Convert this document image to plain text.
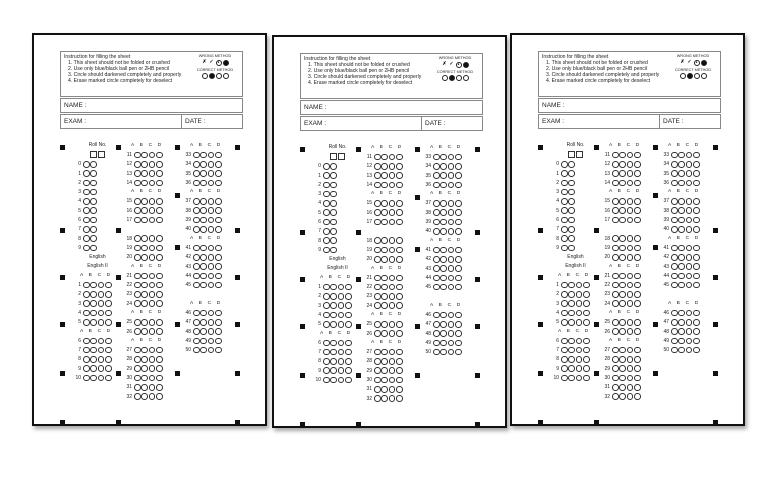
Instruction for filling the sheet
1. This sheet should not be folded or crushed
2. Use only blue/black ball pen or 2HB pencil
3. Circle should darkened completely and properly
4. Erase marked circle completely for deselect
WRONG METHOD
✗ ✓ •
CORRECT METHOD
NAME :
EXAM :	DATE :
Roll No.
0
1
2
3
4
5
6
7
8
9
English
English II
A B C D
1
2
3
4
5
A B C D
6
7
8
9
10
A B C D
11
12
13
14
A B C D
15
16
17
18
19
20
A B C D
21
22
23
24
A B C D
25
26
A B C D
27
28
29
30
31
32
A B C D
33
34
35
36
A B C D
37
38
39
40
A B C D
41
42
43
44
45
A B C D
46
47
48
49
50
Instruction for filling the sheet
1. This sheet should not be folded or crushed
2. Use only blue/black ball pen or 2HB pencil
3. Circle should darkened completely and properly
4. Erase marked circle completely for deselect
WRONG METHOD
✗ ✓ •
CORRECT METHOD
NAME :
EXAM :	DATE :
Roll No.
0
1
2
3
4
5
6
7
8
9
English
English II
A B C D
1
2
3
4
5
A B C D
6
7
8
9
10
A B C D
11
12
13
14
A B C D
15
16
17
18
19
20
A B C D
21
22
23
24
A B C D
25
26
A B C D
27
28
29
30
31
32
A B C D
33
34
35
36
A B C D
37
38
39
40
A B C D
41
42
43
44
45
A B C D
46
47
48
49
50
Instruction for filling the sheet
1. This sheet should not be folded or crushed
2. Use only blue/black ball pen or 2HB pencil
3. Circle should darkened completely and properly
4. Erase marked circle completely for deselect
WRONG METHOD
✗ ✓ •
CORRECT METHOD
NAME :
EXAM :	DATE :
Roll No.
0
1
2
3
4
5
6
7
8
9
English
English II
A B C D
1
2
3
4
5
A B C D
6
7
8
9
10
A B C D
11
12
13
14
A B C D
15
16
17
18
19
20
A B C D
21
22
23
24
A B C D
25
26
A B C D
27
28
29
30
31
32
A B C D
33
34
35
36
A B C D
37
38
39
40
A B C D
41
42
43
44
45
A B C D
46
47
48
49
50
